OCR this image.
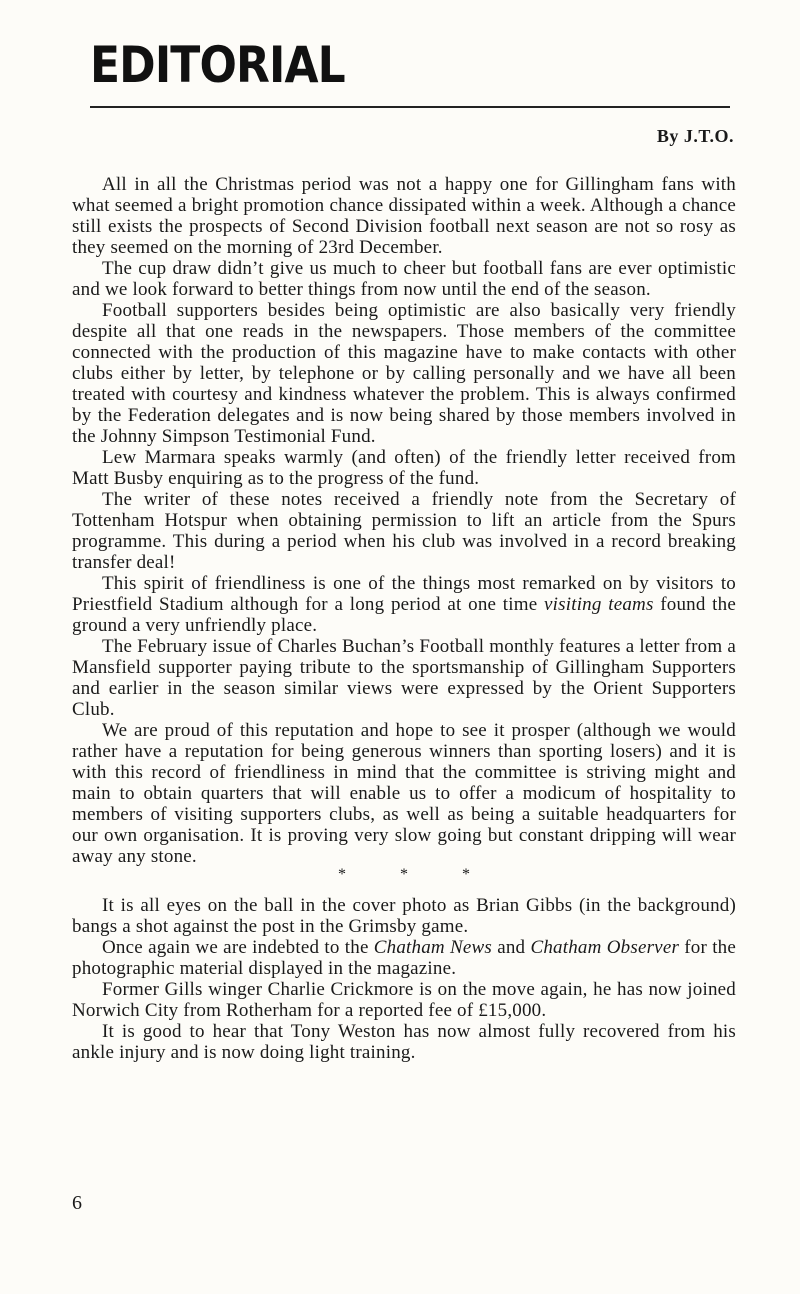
EDITORIAL
By J.T.O.

All in all the Christmas period was not a happy one for Gillingham fans with what seemed a bright promotion chance dissipated within a week. Although a chance still exists the prospects of Second Division football next season are not so rosy as they seemed on the morning of 23rd December.

The cup draw didn’t give us much to cheer but football fans are ever optimistic and we look forward to better things from now until the end of the season.

Football supporters besides being optimistic are also basically very friendly despite all that one reads in the newspapers. Those members of the committee connected with the production of this magazine have to make contacts with other clubs either by letter, by telephone or by calling personally and we have all been treated with courtesy and kindness whatever the problem. This is always confirmed by the Federation delegates and is now being shared by those members involved in the Johnny Simpson Testimonial Fund.

Lew Marmara speaks warmly (and often) of the friendly letter received from Matt Busby enquiring as to the progress of the fund.

The writer of these notes received a friendly note from the Secretary of Tottenham Hotspur when obtaining permission to lift an article from the Spurs programme. This during a period when his club was involved in a record breaking transfer deal!

This spirit of friendliness is one of the things most remarked on by visitors to Priestfield Stadium although for a long period at one time visiting teams found the ground a very unfriendly place.

The February issue of Charles Buchan’s Football monthly features a letter from a Mansfield supporter paying tribute to the sportsmanship of Gillingham Supporters and earlier in the season similar views were expressed by the Orient Supporters Club.

We are proud of this reputation and hope to see it prosper (although we would rather have a reputation for being generous winners than sporting losers) and it is with this record of friendliness in mind that the committee is striving might and main to obtain quarters that will enable us to offer a modicum of hospitality to members of visiting supporters clubs, as well as being a suitable headquarters for our own organisation. It is proving very slow going but constant dripping will wear away any stone.

* * *

It is all eyes on the ball in the cover photo as Brian Gibbs (in the background) bangs a shot against the post in the Grimsby game.

Once again we are indebted to the Chatham News and Chatham Observer for the photographic material displayed in the magazine.

Former Gills winger Charlie Crickmore is on the move again, he has now joined Norwich City from Rotherham for a reported fee of £15,000.

It is good to hear that Tony Weston has now almost fully recovered from his ankle injury and is now doing light training.

6
